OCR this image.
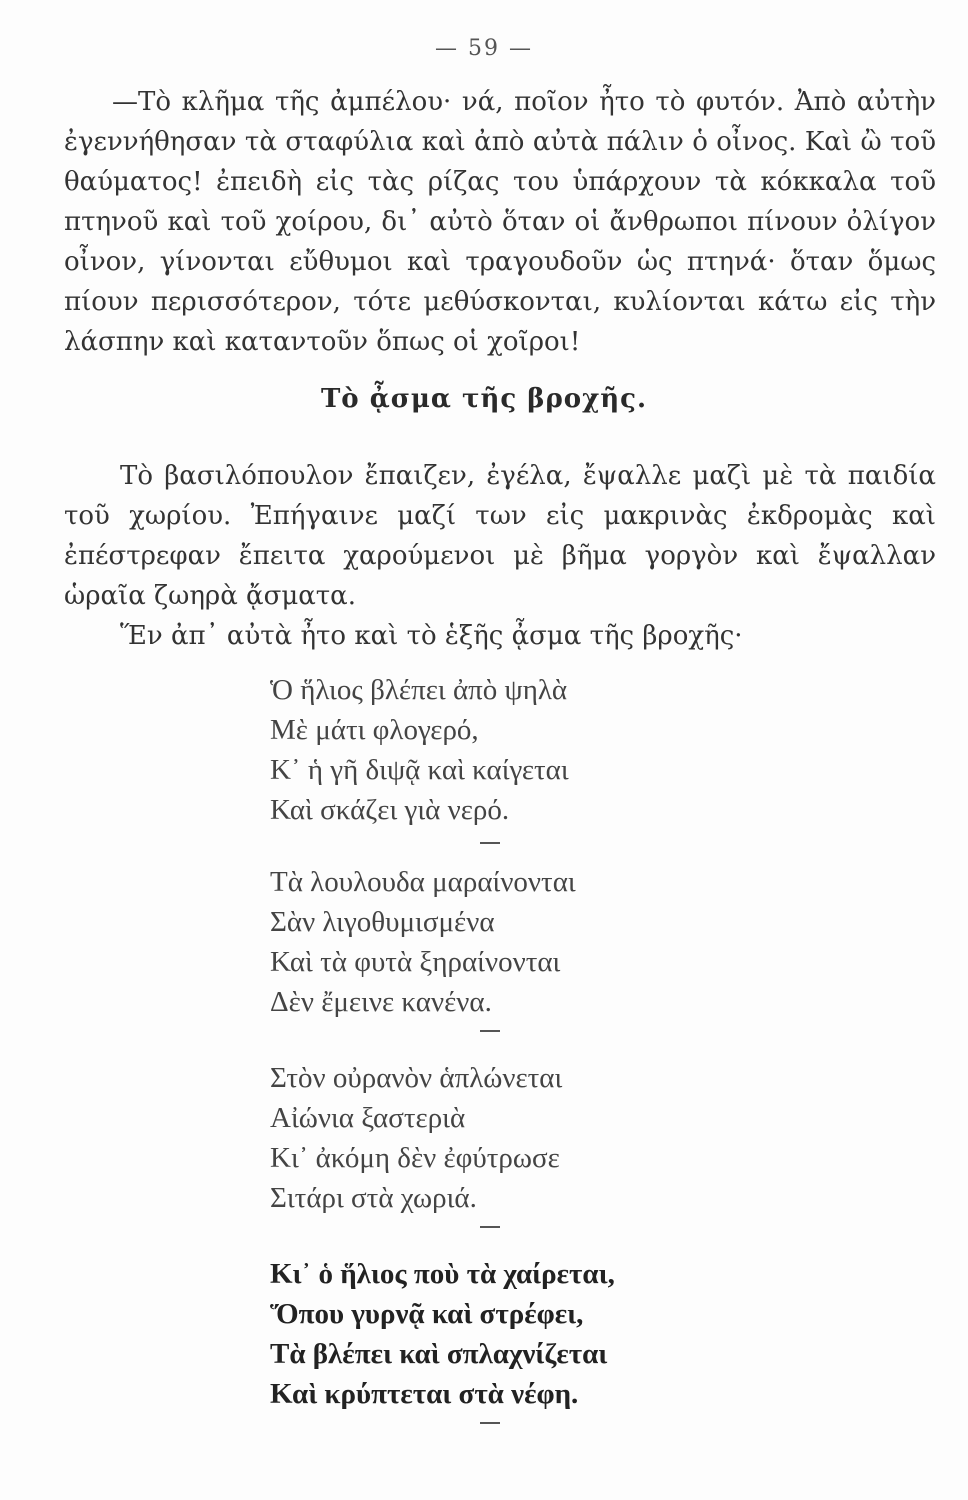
— 59 —

—Τὸ κλῆμα τῆς ἀμπέλου· νά, ποῖον ἦτο τὸ φυτόν. Ἀπὸ αὐτὴν ἐγεννήθησαν τὰ σταφύλια καὶ ἀπὸ αὐτὰ πάλιν ὁ οἶνος. Καὶ ὢ τοῦ θαύματος! ἐπειδὴ εἰς τὰς ρίζας του ὑπάρχουν τὰ κόκκαλα τοῦ πτηνοῦ καὶ τοῦ χοίρου, δι᾽ αὐτὸ ὅταν οἱ ἄνθρωποι πίνουν ὀλίγον οἶνον, γίνονται εὔθυμοι καὶ τραγουδοῦν ὡς πτηνά· ὅταν ὅμως πίουν περισσότερον, τότε μεθύσκονται, κυλίονται κάτω εἰς τὴν λάσπην καὶ καταντοῦν ὅπως οἱ χοῖροι!

Τὸ ᾆσμα τῆς βροχῆς.

Τὸ βασιλόπουλον ἔπαιζεν, ἐγέλα, ἔψαλλε μαζὶ μὲ τὰ παιδία τοῦ χωρίου. Ἐπήγαινε μαζί των εἰς μακρινὰς ἐκδρομὰς καὶ ἐπέστρεφαν ἔπειτα χαρούμενοι μὲ βῆμα γοργὸν καὶ ἔψαλλαν ὡραῖα ζωηρὰ ᾄσματα.

Ἕν ἀπ᾽ αὐτὰ ἦτο καὶ τὸ ἑξῆς ᾆσμα τῆς βροχῆς·

Ὁ ἥλιος βλέπει ἀπὸ ψηλὰ
Μὲ μάτι φλογερό,
Κ᾽ ἡ γῆ διψᾷ καὶ καίγεται
Καὶ σκάζει γιὰ νερό.
Τὰ λουλουδα μαραίνονται
Σὰν λιγοθυμισμένα
Καὶ τὰ φυτὰ ξηραίνονται
Δὲν ἔμεινε κανένα.
Στὸν οὐρανὸν ἁπλώνεται
Αἰώνια ξαστεριὰ
Κι᾽ ἀκόμη δὲν ἐφύτρωσε
Σιτάρι στὰ χωριά.
Κι᾽ ὁ ἥλιος ποὺ τὰ χαίρεται,
Ὅπου γυρνᾷ καὶ στρέφει,
Τὰ βλέπει καὶ σπλαχνίζεται
Καὶ κρύπτεται στὰ νέφη.
